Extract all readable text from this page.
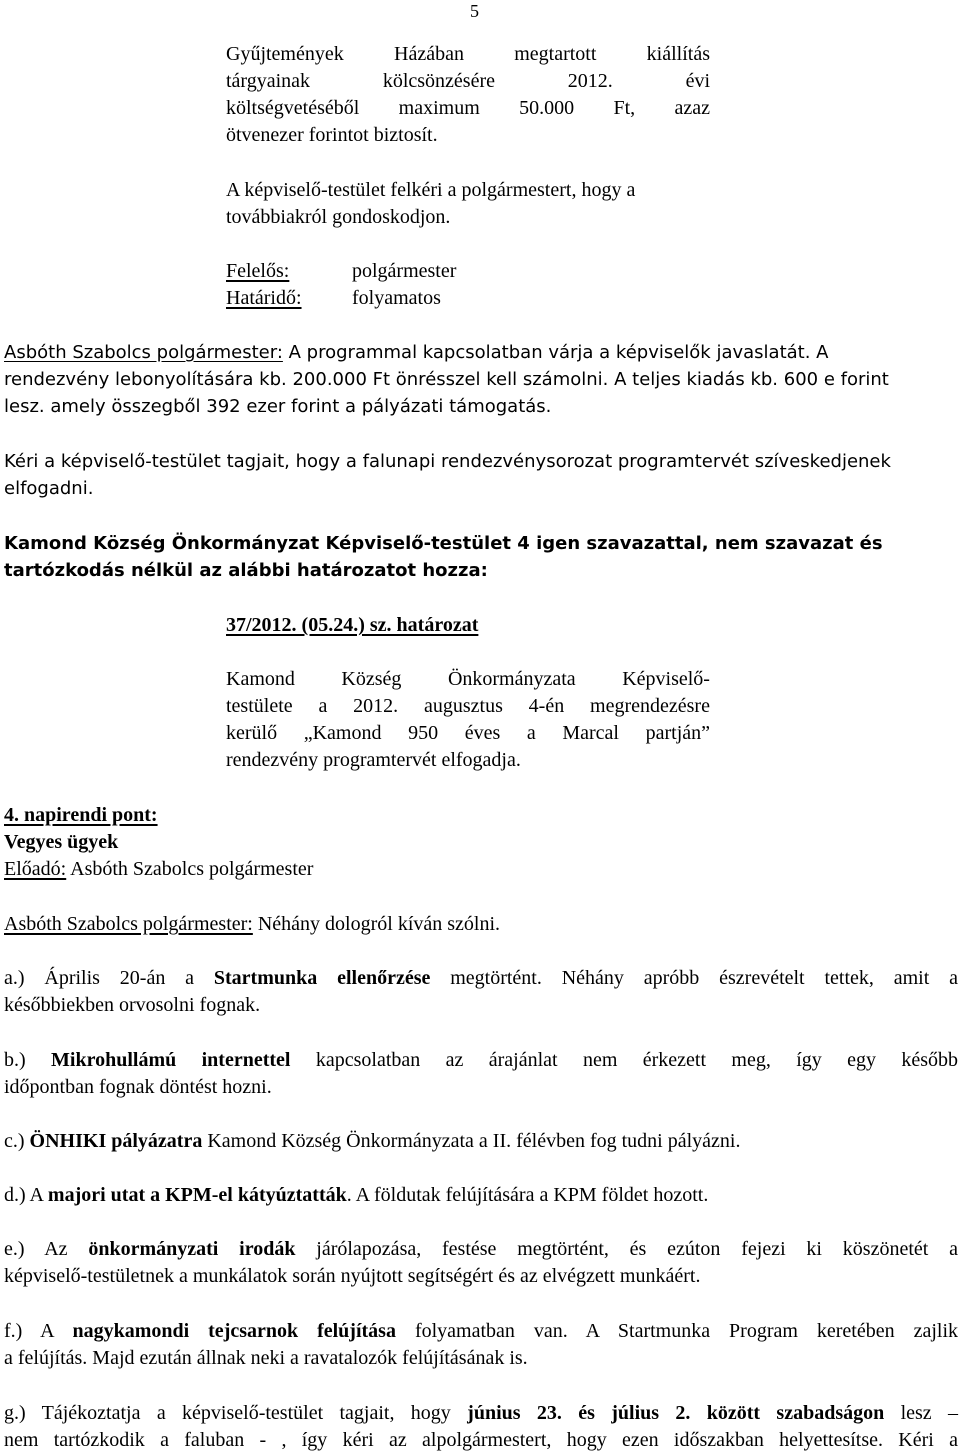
5
Gyűjtemények	Házában	megtartott	kiállítás
tárgyainak	kölcsönzésére	2012.	évi
költségvetéséből maximum 50.000 Ft, azaz
ötvenezer forintot biztosít.
A képviselő-testület felkéri a polgármestert, hogy a
továbbiakról gondoskodjon.
Felelős:	polgármester
Határidő:	folyamatos
Asbóth Szabolcs polgármester: A programmal kapcsolatban várja a képviselők javaslatát. A
rendezvény lebonyolítására kb. 200.000 Ft önrésszel kell számolni. A teljes kiadás kb. 600 e forint
lesz. amely összegből 392 ezer forint a pályázati támogatás.
Kéri a képviselő-testület tagjait, hogy a falunapi rendezvénysorozat programtervét szíveskedjenek
elfogadni.
Kamond Község Önkormányzat Képviselő-testület 4 igen szavazattal, nem szavazat és
tartózkodás nélkül az alábbi határozatot hozza:
37/2012. (05.24.) sz. határozat
Kamond Község Önkormányzata Képviselő-
testülete a 2012. augusztus 4-én megrendezésre
kerülő „Kamond 950 éves a Marcal partján”
rendezvény programtervét elfogadja.
4. napirendi pont:
Vegyes ügyek
Előadó: Asbóth Szabolcs polgármester
Asbóth Szabolcs polgármester: Néhány dologról kíván szólni.
a.) Április 20-án a Startmunka ellenőrzése megtörtént. Néhány apróbb észrevételt tettek, amit a
későbbiekben orvosolni fognak.
b.) Mikrohullámú internettel kapcsolatban az árajánlat nem érkezett meg, így egy később
időpontban fognak döntést hozni.
c.) ÖNHIKI pályázatra Kamond Község Önkormányzata a II. félévben fog tudni pályázni.
d.) A majori utat a KPM-el kátyúztatták. A földutak felújítására a KPM földet hozott.
e.) Az önkormányzati irodák járólapozása, festése megtörtént, és ezúton fejezi ki köszönetét a
képviselő-testületnek a munkálatok során nyújtott segítségért és az elvégzett munkáért.
f.) A nagykamondi tejcsarnok felújítása folyamatban van. A Startmunka Program keretében zajlik
a felújítás. Majd ezután állnak neki a ravatalozók felújításának is.
g.) Tájékoztatja a képviselő-testület tagjait, hogy június 23. és július 2. között szabadságon lesz –
nem tartózkodik a faluban - , így kéri az alpolgármestert, hogy ezen időszakban helyettesítse. Kéri a
